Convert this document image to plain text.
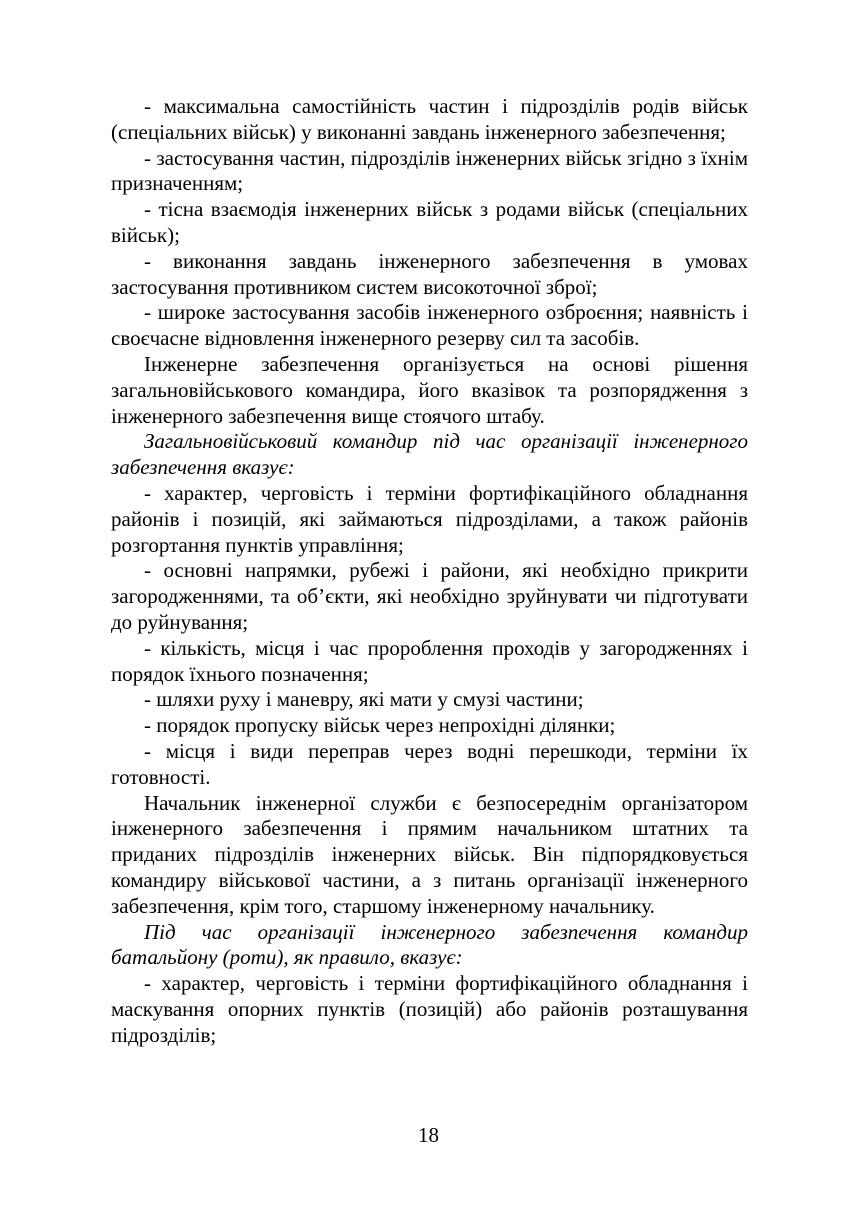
- максимальна самостійність частин і підрозділів родів військ (спеціальних військ) у виконанні завдань інженерного забезпечення;

- застосування частин, підрозділів інженерних військ згідно з їхнім призначенням;

- тісна взаємодія інженерних військ з родами військ (спеціальних військ);

- виконання завдань інженерного забезпечення в умовах застосування противником систем високоточної зброї;

- широке застосування засобів інженерного озброєння; наявність і своєчасне відновлення інженерного резерву сил та засобів.

Інженерне забезпечення організується на основі рішення загальновійськового командира, його вказівок та розпорядження з інженерного забезпечення вище стоячого штабу.

Загальновійськовий командир під час організації інженерного забезпечення вказує:

- характер, черговість і терміни фортифікаційного обладнання районів і позицій, які займаються підрозділами, а також районів розгортання пунктів управління;

- основні напрямки, рубежі і райони, які необхідно прикрити загородженнями, та об’єкти, які необхідно зруйнувати чи підготувати до руйнування;

- кількість, місця і час пророблення проходів у загородженнях і порядок їхнього позначення;

- шляхи руху і маневру, які мати у смузі частини;

- порядок пропуску військ через непрохідні ділянки;

- місця і види переправ через водні перешкоди, терміни їх готовності.

Начальник інженерної служби є безпосереднім організатором інженерного забезпечення і прямим начальником штатних та приданих підрозділів інженерних військ. Він підпорядковується командиру військової частини, а з питань організації інженерного забезпечення, крім того, старшому інженерному начальнику.

Під час організації інженерного забезпечення командир батальйону (роти), як правило, вказує:

- характер, черговість і терміни фортифікаційного обладнання і маскування опорних пунктів (позицій) або районів розташування підрозділів;

18
